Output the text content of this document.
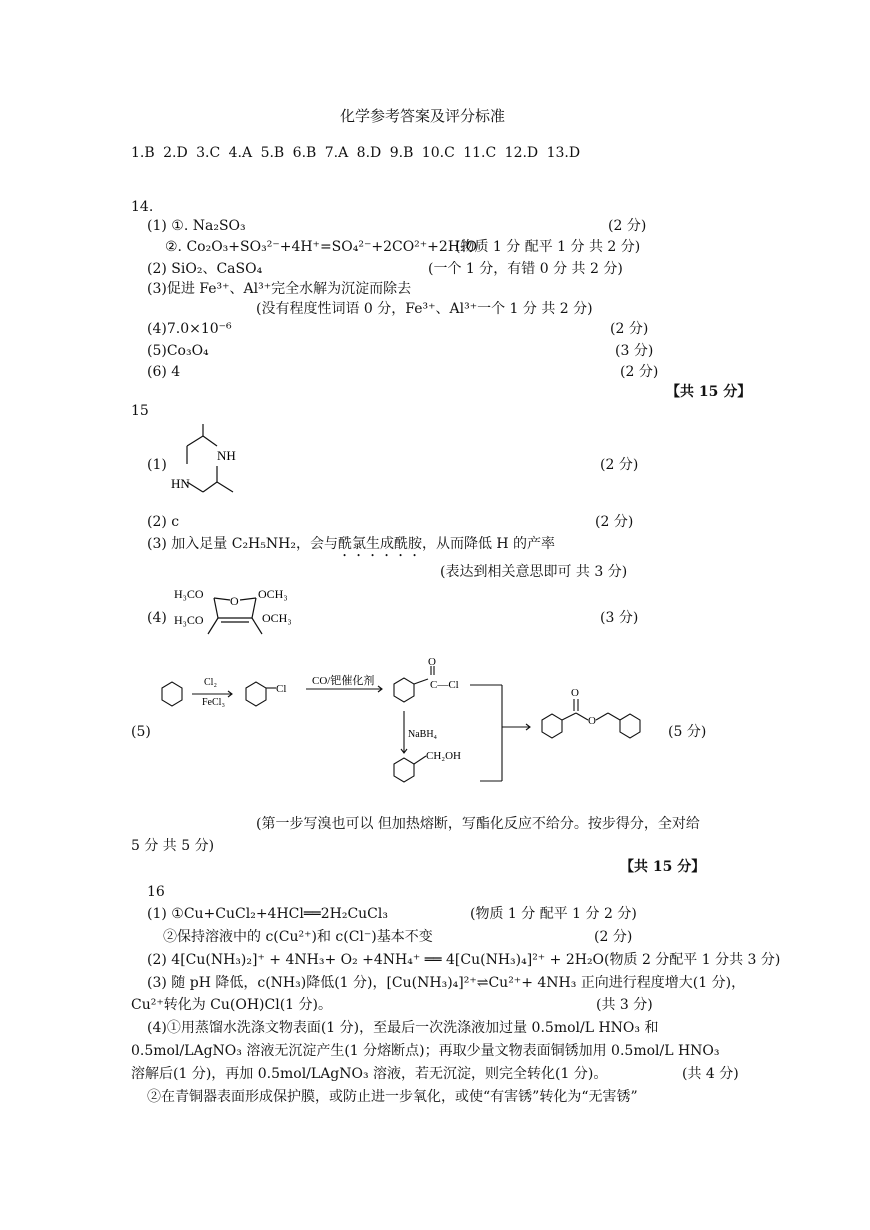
化学参考答案及评分标准
1.B 2.D 3.C 4.A 5.B 6.B 7.A 8.D 9.B 10.C 11.C 12.D 13.D
14.
(1) ①. Na₂SO₃	(2 分)
②. Co₂O₃+SO₃²⁻+4H⁺=SO₄²⁻+2CO²⁺+2H₂O
(物质 1 分 配平 1 分 共 2 分)
(2) SiO₂、CaSO₄	(一个 1 分，有错 0 分 共 2 分)
(3)促进 Fe³⁺、Al³⁺完全水解为沉淀而除去
(没有程度性词语 0 分，Fe³⁺、Al³⁺一个 1 分 共 2 分)
(4)7.0×10⁻⁶	(2 分)
(5)Co₃O₄	(3 分)
(6) 4	(2 分)
【共 15 分】
15
(1)	(2 分)
NH
HN
(2) c	(2 分)
(3) 加入足量 C₂H₅NH₂，会与酰氯生成酰胺，从而降低 H 的产率
(表达到相关意思即可 共 3 分)
(4)	(3 分)
H₃CO
H₃CO
O OCH₃
OCH₃
(5)	(5 分)
Cl₂
FeCl₃
Cl
CO/钯催化剂
O
C—Cl
NaBH₄
CH₂OH
O
O
(第一步写溴也可以 但加热熔断，写酯化反应不给分。按步得分，全对给
5 分 共 5 分)
【共 15 分】
16
(1) ①Cu+CuCl₂+4HCl══2H₂CuCl₃	(物质 1 分 配平 1 分 2 分)
②保持溶液中的 c(Cu²⁺)和 c(Cl⁻)基本不变	(2 分)
(2) 4[Cu(NH₃)₂]⁺ + 4NH₃+ O₂ +4NH₄⁺ ══ 4[Cu(NH₃)₄]²⁺ + 2H₂O(物质 2 分配平 1 分共 3 分)
(3) 随 pH 降低，c(NH₃)降低(1 分)，[Cu(NH₃)₄]²⁺⇌Cu²⁺+ 4NH₃ 正向进行程度增大(1 分)，
Cu²⁺转化为 Cu(OH)Cl(1 分)。	(共 3 分)
(4)①用蒸馏水洗涤文物表面(1 分)，至最后一次洗涤液加过量 0.5mol/L HNO₃ 和
0.5mol/LAgNO₃ 溶液无沉淀产生(1 分熔断点)；再取少量文物表面铜锈加用 0.5mol/L HNO₃
溶解后(1 分)，再加 0.5mol/LAgNO₃ 溶液，若无沉淀，则完全转化(1 分)。	(共 4 分)
②在青铜器表面形成保护膜，或防止进一步氧化，或使“有害锈”转化为“无害锈”
